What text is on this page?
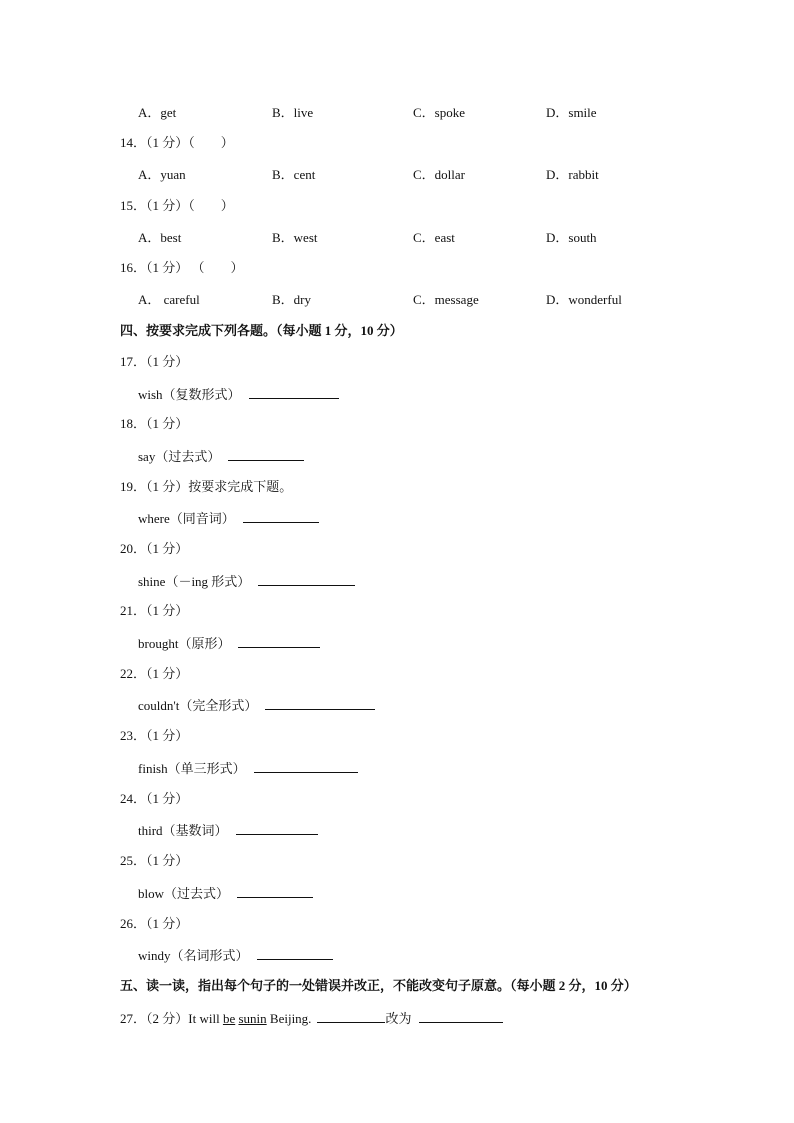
A．get	B．live	C．spoke	D．smile
14．（1 分）（　　）
A．yuan	B．cent	C．dollar	D．rabbit
15．（1 分）（　　）
A．best	B．west	C．east	D．south
16．（1 分） （　　）
A． careful	B．dry	C．message	D．wonderful
四、按要求完成下列各题。（每小题 1 分，10 分）
17．（1 分）
wish（复数形式）
18．（1 分）
say（过去式）
19．（1 分）按要求完成下题。
where（同音词）
20．（1 分）
shine（－ing 形式）
21．（1 分）
brought（原形）
22．（1 分）
couldn't（完全形式）
23．（1 分）
finish（单三形式）
24．（1 分）
third（基数词）
25．（1 分）
blow（过去式）
26．（1 分）
windy（名词形式）
五、读一读，指出每个句子的一处错误并改正，不能改变句子原意。（每小题 2 分，10 分）
27．（2 分）It will be sunin Beijing.	改为
